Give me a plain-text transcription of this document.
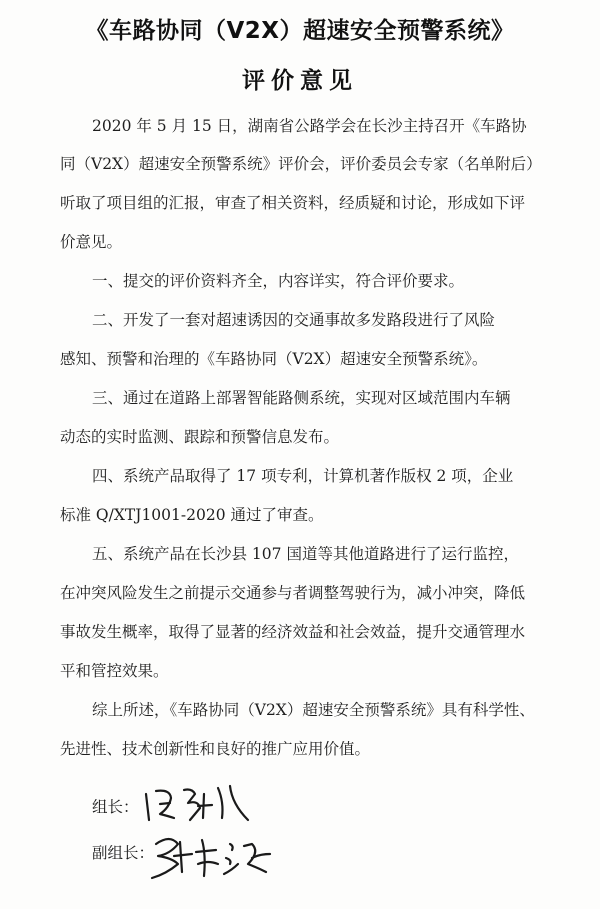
《车路协同（V2X）超速安全预警系统》
评价意见
2020 年 5 月 15 日，湖南省公路学会在长沙主持召开《车路协
同（V2X）超速安全预警系统》评价会，评价委员会专家（名单附后）
听取了项目组的汇报，审查了相关资料，经质疑和讨论，形成如下评
价意见。
一、提交的评价资料齐全，内容详实，符合评价要求。
二、开发了一套对超速诱因的交通事故多发路段进行了风险
感知、预警和治理的《车路协同（V2X）超速安全预警系统》。
三、通过在道路上部署智能路侧系统，实现对区域范围内车辆
动态的实时监测、跟踪和预警信息发布。
四、系统产品取得了 17 项专利，计算机著作版权 2 项，企业
标准 Q/XTJ1001-2020 通过了审查。
五、系统产品在长沙县 107 国道等其他道路进行了运行监控，
在冲突风险发生之前提示交通参与者调整驾驶行为，减小冲突，降低
事故发生概率，取得了显著的经济效益和社会效益，提升交通管理水
平和管控效果。
综上所述，《车路协同（V2X）超速安全预警系统》具有科学性、
先进性、技术创新性和良好的推广应用价值。
组长：
副组长：
